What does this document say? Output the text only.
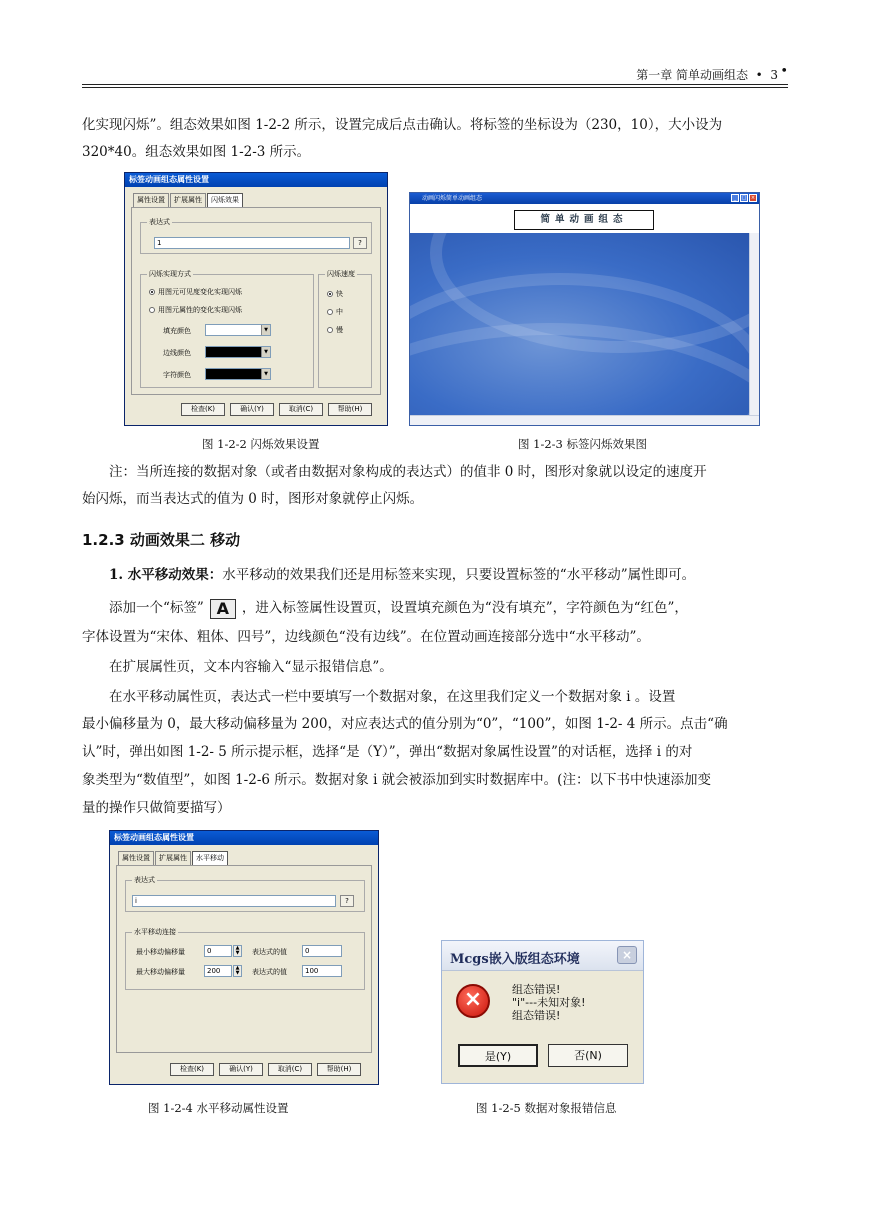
第一章 简单动画组态  •  3 •
化实现闪烁”。组态效果如图 1-2-2 所示，设置完成后点击确认。将标签的坐标设为（230，10），大小设为
320*40。组态效果如图 1-2-3 所示。
标签动画组态属性设置
属性设置	扩展属性	闪烁效果
表达式
1	?
闪烁实现方式
用图元可见度变化实现闪烁
用图元属性的变化实现闪烁
填充颜色	▼
边线颜色	▼
字符颜色	▼
闪烁速度
快
中
慢
检查(K)	确认(Y)	取消(C)	帮助(H)
动画闪烁简单动画组态	_	□ ×
简单动画组态
图 1-2-2 闪烁效果设置	图 1-2-3 标签闪烁效果图
注：当所连接的数据对象（或者由数据对象构成的表达式）的值非 0 时，图形对象就以设定的速度开
始闪烁，而当表达式的值为 0 时，图形对象就停止闪烁。
1.2.3 动画效果二 移动
1. 水平移动效果：水平移动的效果我们还是用标签来实现，只要设置标签的“水平移动”属性即可。
添加一个“标签” A ，进入标签属性设置页，设置填充颜色为“没有填充”，字符颜色为“红色”，
字体设置为“宋体、粗体、四号”，边线颜色“没有边线”。在位置动画连接部分选中“水平移动”。
在扩展属性页，文本内容输入“显示报错信息”。
在水平移动属性页，表达式一栏中要填写一个数据对象，在这里我们定义一个数据对象 i 。设置
最小偏移量为 0，最大移动偏移量为 200，对应表达式的值分别为“0”，“100”，如图 1-2- 4 所示。点击“确
认”时，弹出如图 1-2- 5 所示提示框，选择“是（Y）”，弹出“数据对象属性设置”的对话框，选择 i 的对
象类型为“数值型”，如图 1-2-6 所示。数据对象 i 就会被添加到实时数据库中。(注：以下书中快速添加变
量的操作只做简要描写）
标签动画组态属性设置
属性设置	扩展属性	水平移动
表达式
i	?
水平移动连接
最小移动偏移量	0	▲
▼	表达式的值	0
最大移动偏移量	200	▲
▼	表达式的值	100
检查(K)	确认(Y)	取消(C)	帮助(H)
Mcgs嵌入版组态环境	×
×	组态错误!
"i"---未知对象!
组态错误!
是(Y)	否(N)
图 1-2-4 水平移动属性设置	图 1-2-5 数据对象报错信息
